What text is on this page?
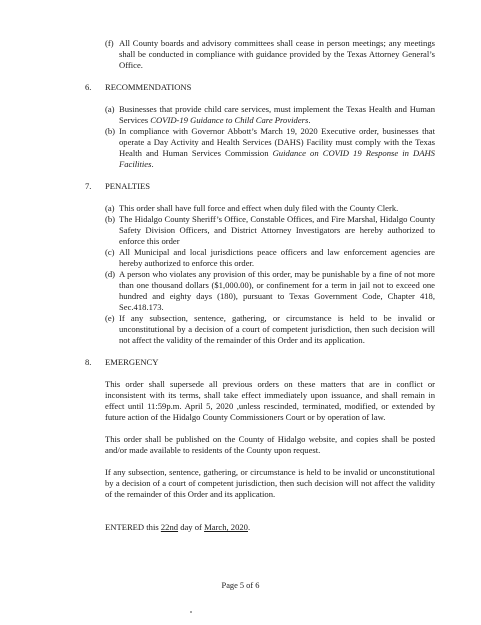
(f) All County boards and advisory committees shall cease in person meetings; any meetings shall be conducted in compliance with guidance provided by the Texas Attorney General’s Office.
6. RECOMMENDATIONS
(a) Businesses that provide child care services, must implement the Texas Health and Human Services COVID-19 Guidance to Child Care Providers.
(b) In compliance with Governor Abbott’s March 19, 2020 Executive order, businesses that operate a Day Activity and Health Services (DAHS) Facility must comply with the Texas Health and Human Services Commission Guidance on COVID 19 Response in DAHS Facilities.
7. PENALTIES
(a) This order shall have full force and effect when duly filed with the County Clerk.
(b) The Hidalgo County Sheriff’s Office, Constable Offices, and Fire Marshal, Hidalgo County Safety Division Officers, and District Attorney Investigators are hereby authorized to enforce this order
(c) All Municipal and local jurisdictions peace officers and law enforcement agencies are hereby authorized to enforce this order.
(d) A person who violates any provision of this order, may be punishable by a fine of not more than one thousand dollars ($1,000.00), or confinement for a term in jail not to exceed one hundred and eighty days (180), pursuant to Texas Government Code, Chapter 418, Sec.418.173.
(e) If any subsection, sentence, gathering, or circumstance is held to be invalid or unconstitutional by a decision of a court of competent jurisdiction, then such decision will not affect the validity of the remainder of this Order and its application.
8. EMERGENCY
This order shall supersede all previous orders on these matters that are in conflict or inconsistent with its terms, shall take effect immediately upon issuance, and shall remain in effect until 11:59p.m. April 5, 2020 ,unless rescinded, terminated, modified, or extended by future action of the Hidalgo County Commissioners Court or by operation of law.
This order shall be published on the County of Hidalgo website, and copies shall be posted and/or made available to residents of the County upon request.
If any subsection, sentence, gathering, or circumstance is held to be invalid or unconstitutional by a decision of a court of competent jurisdiction, then such decision will not affect the validity of the remainder of this Order and its application.
ENTERED this 22nd day of March, 2020.
Page 5 of 6
